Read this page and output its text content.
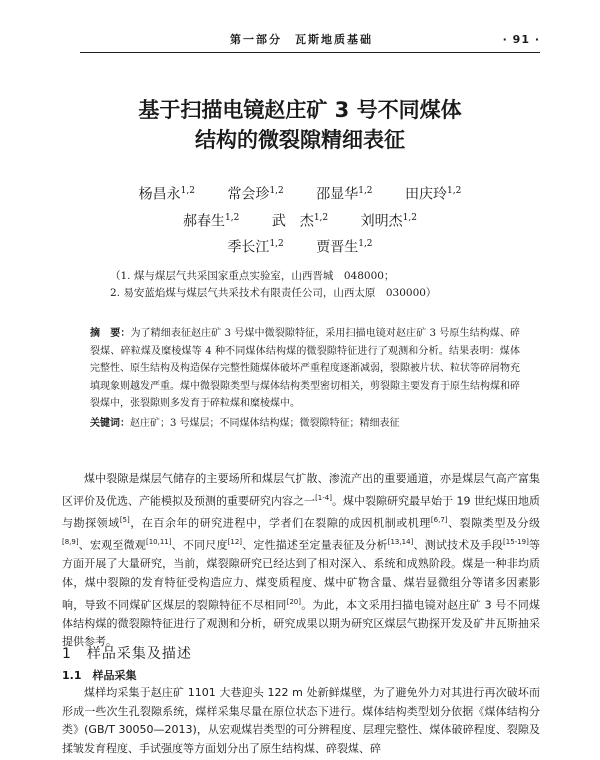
第一部分　瓦斯地质基础	· 91 ·
基于扫描电镜赵庄矿 3 号不同煤体
结构的微裂隙精细表征
杨昌永$^{1,2}$ 常会珍$^{1,2}$ 邵显华$^{1,2}$ 田庆玲$^{1,2}$
郝春生$^{1,2}$ 武　杰$^{1,2}$ 刘明杰$^{1,2}$
季长江$^{1,2}$ 贾晋生$^{1,2}$
（1. 煤与煤层气共采国家重点实验室，山西晋城　048000；
2. 易安蓝焰煤与煤层气共采技术有限责任公司，山西太原　030000）
摘　要：为了精细表征赵庄矿 3 号煤中微裂隙特征，采用扫描电镜对赵庄矿 3 号原生结构煤、碎裂煤、碎粒煤及糜棱煤等 4 种不同煤体结构煤的微裂隙特征进行了观测和分析。结果表明：煤体完整性、原生结构及构造保存完整性随煤体破坏严重程度逐渐减弱，裂隙被片状、粒状等碎屑物充填现象则越发严重。煤中微裂隙类型与煤体结构类型密切相关，剪裂隙主要发育于原生结构煤和碎裂煤中，张裂隙则多发育于碎粒煤和糜棱煤中。
关键词：赵庄矿；3 号煤层；不同煤体结构煤；微裂隙特征；精细表征

煤中裂隙是煤层气储存的主要场所和煤层气扩散、渗流产出的重要通道，亦是煤层气高产富集区评价及优选、产能模拟及预测的重要研究内容之一[1-4]。煤中裂隙研究最早始于 19 世纪煤田地质与勘探领域[5]，在百余年的研究进程中，学者们在裂隙的成因机制或机理[6,7]、裂隙类型及分级[8,9]、宏观至微观[10,11]、不同尺度[12]、定性描述至定量表征及分析[13,14]、测试技术及手段[15-19]等方面开展了大量研究，当前，煤裂隙研究已经达到了相对深入、系统和成熟阶段。煤是一种非均质体，煤中裂隙的发育特征受构造应力、煤变质程度、煤中矿物含量、煤岩显微组分等诸多因素影响，导致不同煤矿区煤层的裂隙特征不尽相同[20]。为此，本文采用扫描电镜对赵庄矿 3 号不同煤体结构煤的微裂隙特征进行了观测和分析，研究成果以期为研究区煤层气勘探开发及矿井瓦斯抽采提供参考。

1　样品采集及描述
1.1　样品采集

煤样均采集于赵庄矿 1101 大巷迎头 122 m 处新鲜煤壁，为了避免外力对其进行再次破坏而形成一些次生孔裂隙系统，煤样采集尽量在原位状态下进行。煤体结构类型划分依据《煤体结构分类》(GB/T 30050—2013)，从宏观煤岩类型的可分辨程度、层理完整性、煤体破碎程度、裂隙及揉皱发育程度、手试强度等方面划分出了原生结构煤、碎裂煤、碎
